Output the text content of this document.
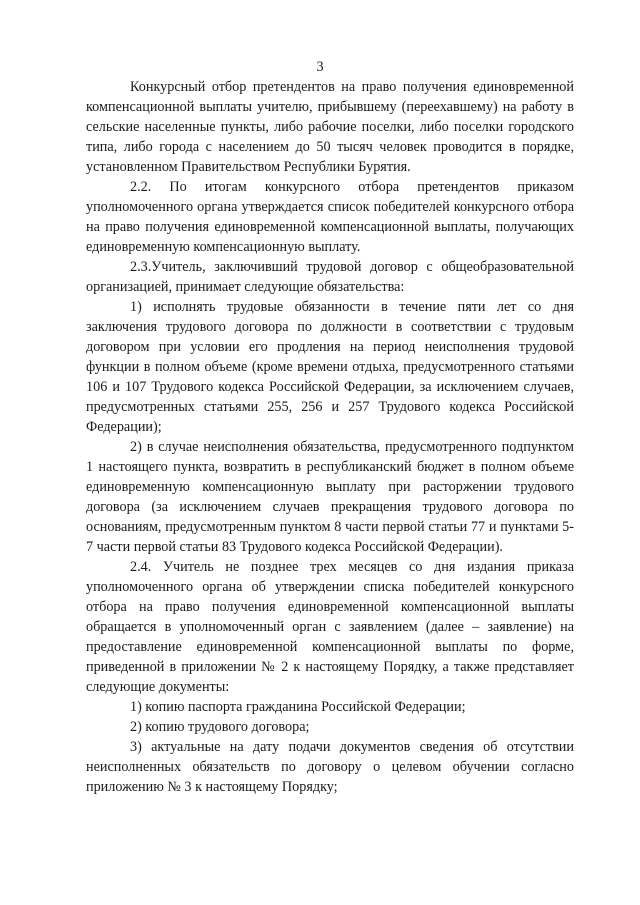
3

Конкурсный отбор претендентов на право получения единовременной компенсационной выплаты учителю, прибывшему (переехавшему) на работу в сельские населенные пункты, либо рабочие поселки, либо поселки городского типа, либо города с населением до 50 тысяч человек проводится в порядке, установленном Правительством Республики Бурятия.

2.2. По итогам конкурсного отбора претендентов приказом уполномоченного органа утверждается список победителей конкурсного отбора на право получения единовременной компенсационной выплаты, получающих единовременную компенсационную выплату.

2.3.Учитель, заключивший трудовой договор с общеобразовательной организацией, принимает следующие обязательства:

1) исполнять трудовые обязанности в течение пяти лет со дня заключения трудового договора по должности в соответствии с трудовым договором при условии его продления на период неисполнения трудовой функции в полном объеме (кроме времени отдыха, предусмотренного статьями 106 и 107 Трудового кодекса Российской Федерации, за исключением случаев, предусмотренных статьями 255, 256 и 257 Трудового кодекса Российской Федерации);

2) в случае неисполнения обязательства, предусмотренного подпунктом 1 настоящего пункта, возвратить в республиканский бюджет в полном объеме единовременную компенсационную выплату при расторжении трудового договора (за исключением случаев прекращения трудового договора по основаниям, предусмотренным пунктом 8 части первой статьи 77 и пунктами 5-7 части первой статьи 83 Трудового кодекса Российской Федерации).

2.4. Учитель не позднее трех месяцев со дня издания приказа уполномоченного органа об утверждении списка победителей конкурсного отбора на право получения единовременной компенсационной выплаты обращается в уполномоченный орган с заявлением (далее – заявление) на предоставление единовременной компенсационной выплаты по форме, приведенной в приложении № 2 к настоящему Порядку, а также представляет следующие документы:

1) копию паспорта гражданина Российской Федерации;

2) копию трудового договора;

3) актуальные на дату подачи документов сведения об отсутствии неисполненных обязательств по договору о целевом обучении согласно приложению № 3 к настоящему Порядку;
